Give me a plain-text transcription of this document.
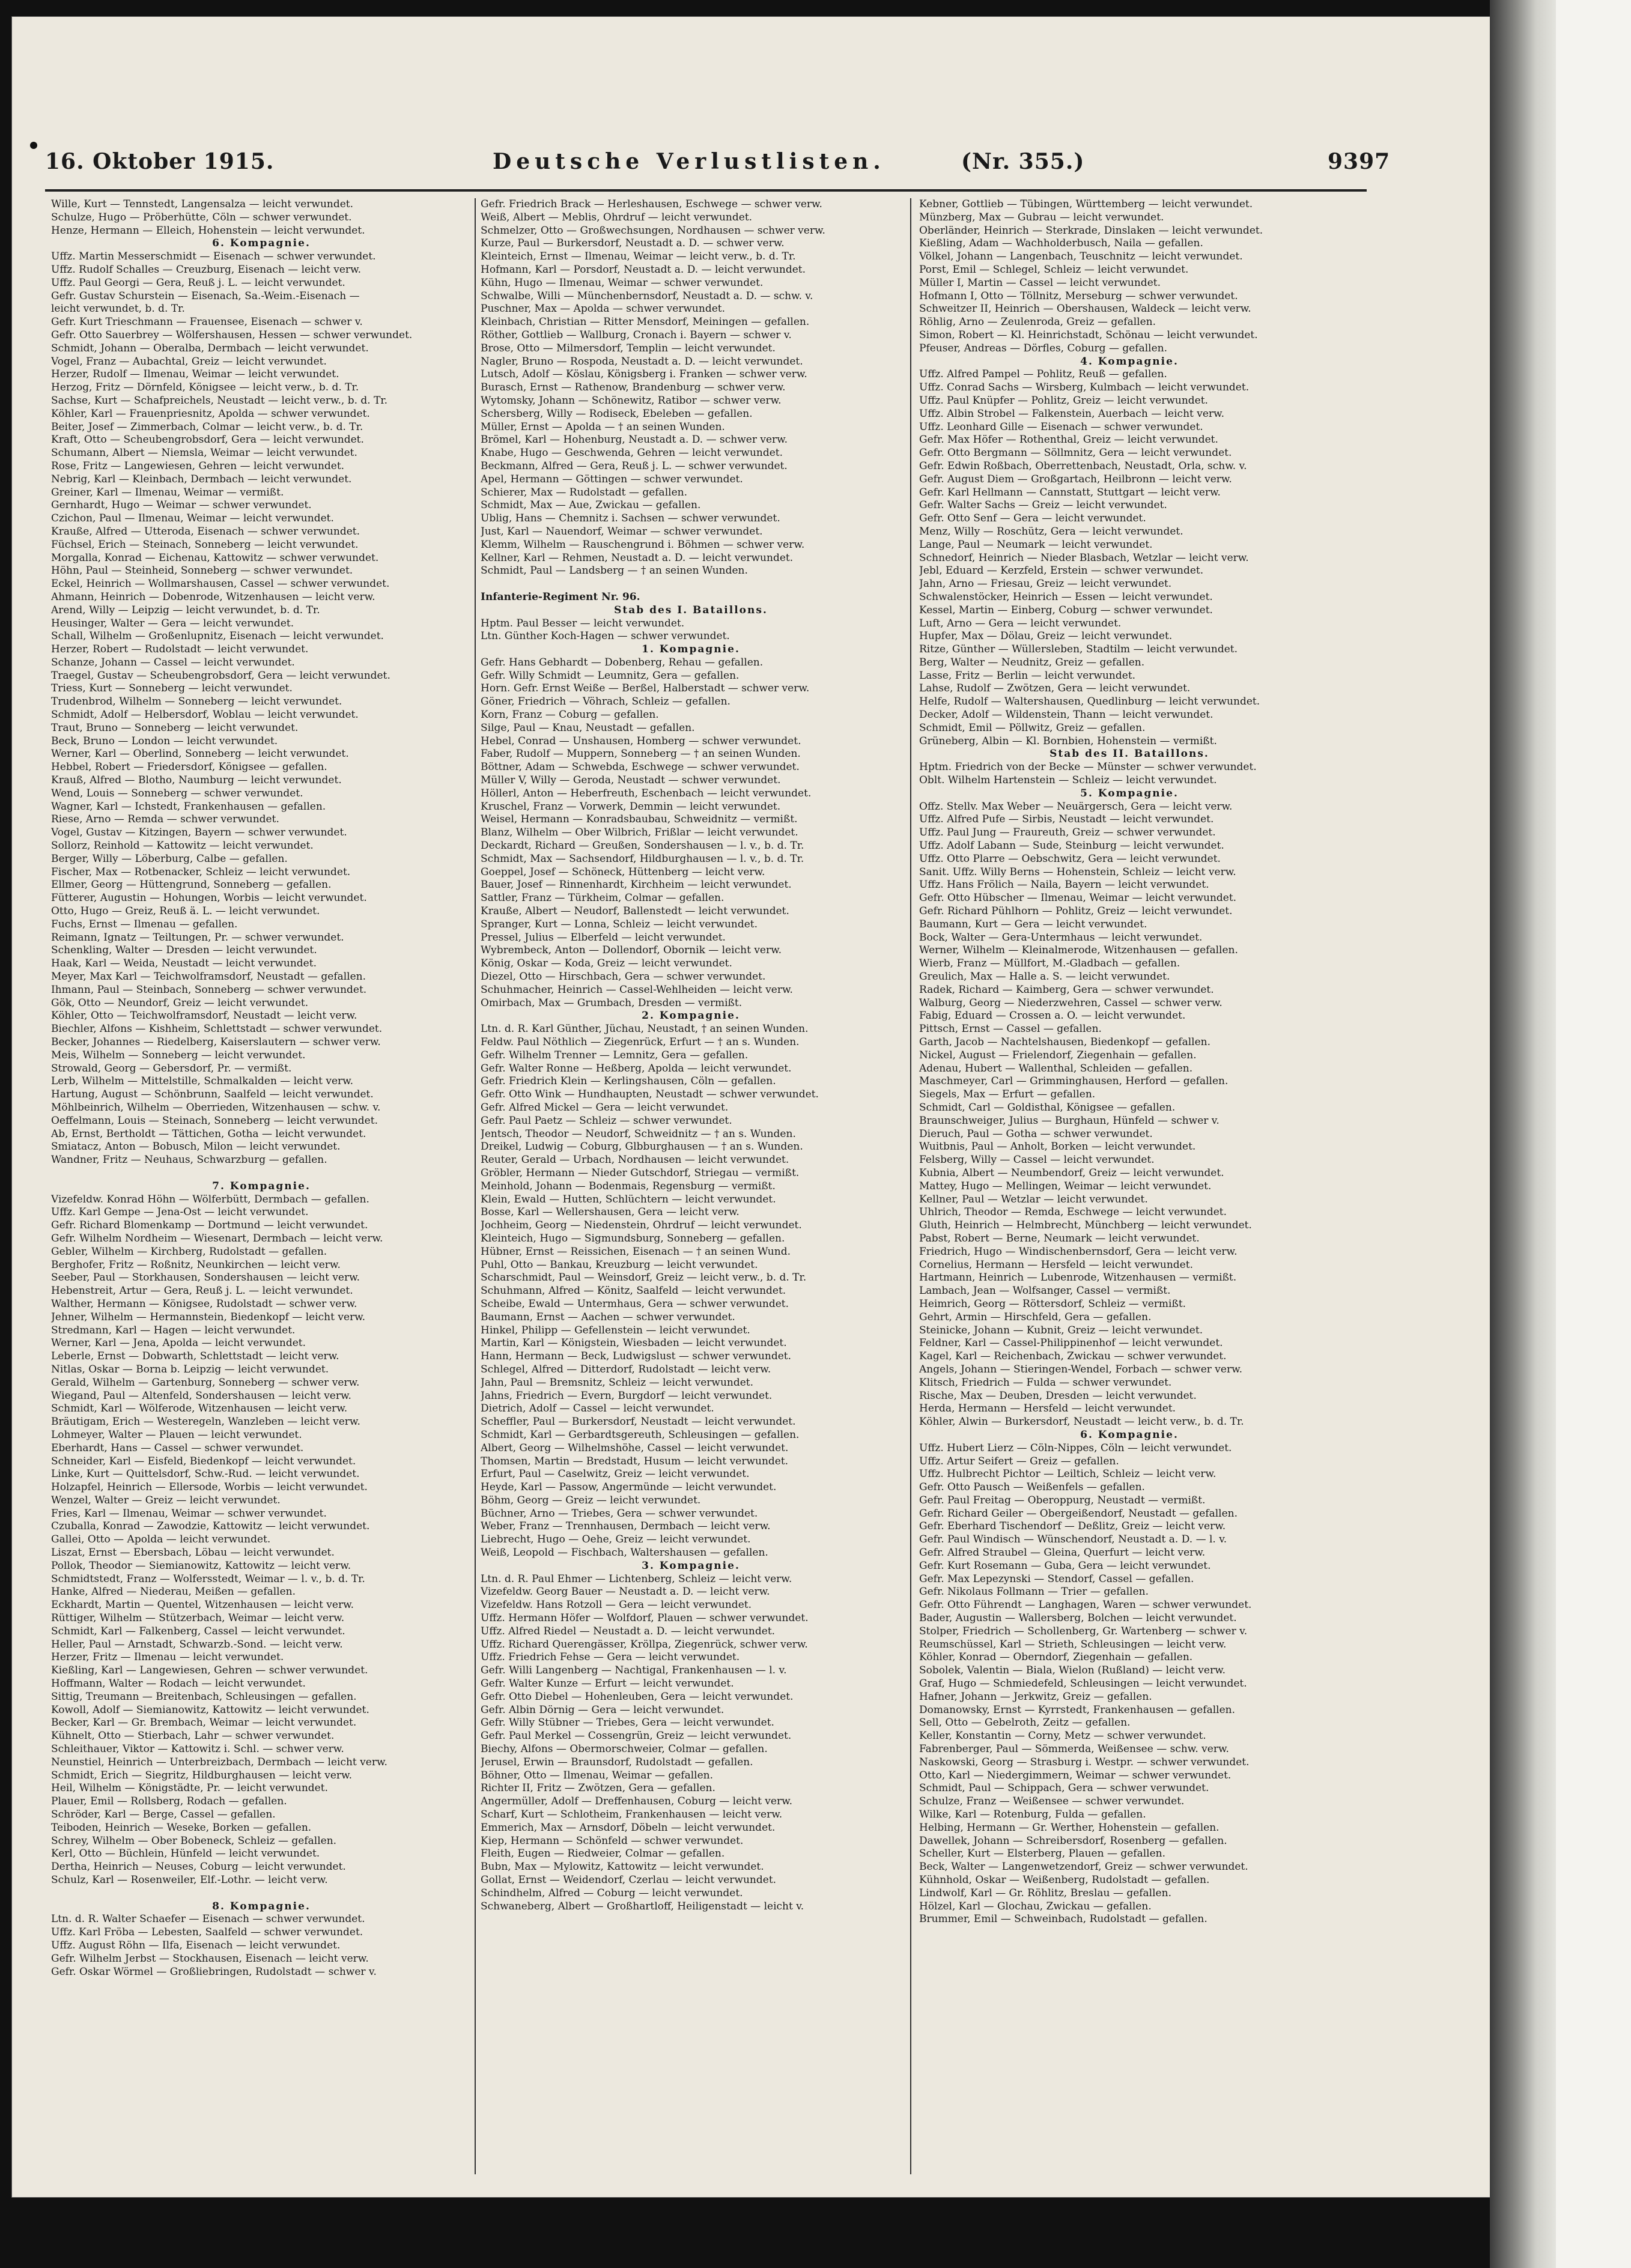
16. Oktober 1915.	Deutsche Verlustlisten.	(Nr. 355.)	9397
Wille, Kurt — Tennstedt, Langensalza — leicht verwundet.
Schulze, Hugo — Pröberhütte, Cöln — schwer verwundet.
Henze, Hermann — Elleich, Hohenstein — leicht verwundet.
6. Kompagnie.
Uffz. Martin Messerschmidt — Eisenach — schwer verwundet.
Uffz. Rudolf Schalles — Creuzburg, Eisenach — leicht verw.
Uffz. Paul Georgi — Gera, Reuß j. L. — leicht verwundet.
Gefr. Gustav Schurstein — Eisenach, Sa.-Weim.-Eisenach —
leicht verwundet, b. d. Tr.
Gefr. Kurt Trieschmann — Frauensee, Eisenach — schwer v.
Gefr. Otto Sauerbrey — Wölfershausen, Hessen — schwer verwundet.
Schmidt, Johann — Oberalba, Dermbach — leicht verwundet.
Vogel, Franz — Aubachtal, Greiz — leicht verwundet.
Herzer, Rudolf — Ilmenau, Weimar — leicht verwundet.
Herzog, Fritz — Dörnfeld, Königsee — leicht verw., b. d. Tr.
Sachse, Kurt — Schafpreichels, Neustadt — leicht verw., b. d. Tr.
Köhler, Karl — Frauenpriesnitz, Apolda — schwer verwundet.
Beiter, Josef — Zimmerbach, Colmar — leicht verw., b. d. Tr.
Kraft, Otto — Scheubengrobsdorf, Gera — leicht verwundet.
Schumann, Albert — Niemsla, Weimar — leicht verwundet.
Rose, Fritz — Langewiesen, Gehren — leicht verwundet.
Nebrig, Karl — Kleinbach, Dermbach — leicht verwundet.
Greiner, Karl — Ilmenau, Weimar — vermißt.
Gernhardt, Hugo — Weimar — schwer verwundet.
Czichon, Paul — Ilmenau, Weimar — leicht verwundet.
Krauße, Alfred — Utteroda, Eisenach — schwer verwundet.
Füchsel, Erich — Steinach, Sonneberg — leicht verwundet.
Morgalla, Konrad — Eichenau, Kattowitz — schwer verwundet.
Höhn, Paul — Steinheid, Sonneberg — schwer verwundet.
Eckel, Heinrich — Wollmarshausen, Cassel — schwer verwundet.
Ahmann, Heinrich — Dobenrode, Witzenhausen — leicht verw.
Arend, Willy — Leipzig — leicht verwundet, b. d. Tr.
Heusinger, Walter — Gera — leicht verwundet.
Schall, Wilhelm — Großenlupnitz, Eisenach — leicht verwundet.
Herzer, Robert — Rudolstadt — leicht verwundet.
Schanze, Johann — Cassel — leicht verwundet.
Traegel, Gustav — Scheubengrobsdorf, Gera — leicht verwundet.
Triess, Kurt — Sonneberg — leicht verwundet.
Trudenbrod, Wilhelm — Sonneberg — leicht verwundet.
Schmidt, Adolf — Helbersdorf, Woblau — leicht verwundet.
Traut, Bruno — Sonneberg — leicht verwundet.
Beck, Bruno — London — leicht verwundet.
Werner, Karl — Oberlind, Sonneberg — leicht verwundet.
Hebbel, Robert — Friedersdorf, Königsee — gefallen.
Krauß, Alfred — Blotho, Naumburg — leicht verwundet.
Wend, Louis — Sonneberg — schwer verwundet.
Wagner, Karl — Ichstedt, Frankenhausen — gefallen.
Riese, Arno — Remda — schwer verwundet.
Vogel, Gustav — Kitzingen, Bayern — schwer verwundet.
Sollorz, Reinhold — Kattowitz — leicht verwundet.
Berger, Willy — Löberburg, Calbe — gefallen.
Fischer, Max — Rotbenacker, Schleiz — leicht verwundet.
Ellmer, Georg — Hüttengrund, Sonneberg — gefallen.
Fütterer, Augustin — Hohungen, Worbis — leicht verwundet.
Otto, Hugo — Greiz, Reuß ä. L. — leicht verwundet.
Fuchs, Ernst — Ilmenau — gefallen.
Reimann, Ignatz — Teiltungen, Pr. — schwer verwundet.
Schenkling, Walter — Dresden — leicht verwundet.
Haak, Karl — Weida, Neustadt — leicht verwundet.
Meyer, Max Karl — Teichwolframsdorf, Neustadt — gefallen.
Ihmann, Paul — Steinbach, Sonneberg — schwer verwundet.
Gök, Otto — Neundorf, Greiz — leicht verwundet.
Köhler, Otto — Teichwolframsdorf, Neustadt — leicht verw.
Biechler, Alfons — Kishheim, Schlettstadt — schwer verwundet.
Becker, Johannes — Riedelberg, Kaiserslautern — schwer verw.
Meis, Wilhelm — Sonneberg — leicht verwundet.
Strowald, Georg — Gebersdorf, Pr. — vermißt.
Lerb, Wilhelm — Mittelstille, Schmalkalden — leicht verw.
Hartung, August — Schönbrunn, Saalfeld — leicht verwundet.
Möhlbeinrich, Wilhelm — Oberrieden, Witzenhausen — schw. v.
Oeffelmann, Louis — Steinach, Sonneberg — leicht verwundet.
Ab, Ernst, Bertholdt — Tättichen, Gotha — leicht verwundet.
Smiatacz, Anton — Bobusch, Milon — leicht verwundet.
Wandner, Fritz — Neuhaus, Schwarzburg — gefallen.
7. Kompagnie.
Vizefeldw. Konrad Höhn — Wölferbütt, Dermbach — gefallen.
Uffz. Karl Gempe — Jena-Ost — leicht verwundet.
Gefr. Richard Blomenkamp — Dortmund — leicht verwundet.
Gefr. Wilhelm Nordheim — Wiesenart, Dermbach — leicht verw.
Gebler, Wilhelm — Kirchberg, Rudolstadt — gefallen.
Berghofer, Fritz — Roßnitz, Neunkirchen — leicht verw.
Seeber, Paul — Storkhausen, Sondershausen — leicht verw.
Hebenstreit, Artur — Gera, Reuß j. L. — leicht verwundet.
Walther, Hermann — Königsee, Rudolstadt — schwer verw.
Jehner, Wilhelm — Hermannstein, Biedenkopf — leicht verw.
Stredmann, Karl — Hagen — leicht verwundet.
Werner, Karl — Jena, Apolda — leicht verwundet.
Leberle, Ernst — Dobwarth, Schlettstadt — leicht verw.
Nitlas, Oskar — Borna b. Leipzig — leicht verwundet.
Gerald, Wilhelm — Gartenburg, Sonneberg — schwer verw.
Wiegand, Paul — Altenfeld, Sondershausen — leicht verw.
Schmidt, Karl — Wölferode, Witzenhausen — leicht verw.
Bräutigam, Erich — Westeregeln, Wanzleben — leicht verw.
Lohmeyer, Walter — Plauen — leicht verwundet.
Eberhardt, Hans — Cassel — schwer verwundet.
Schneider, Karl — Eisfeld, Biedenkopf — leicht verwundet.
Linke, Kurt — Quittelsdorf, Schw.-Rud. — leicht verwundet.
Holzapfel, Heinrich — Ellersode, Worbis — leicht verwundet.
Wenzel, Walter — Greiz — leicht verwundet.
Fries, Karl — Ilmenau, Weimar — schwer verwundet.
Czuballa, Konrad — Zawodzie, Kattowitz — leicht verwundet.
Gallei, Otto — Apolda — leicht verwundet.
Liszat, Ernst — Ebersbach, Löbau — leicht verwundet.
Pollok, Theodor — Siemianowitz, Kattowitz — leicht verw.
Schmidtstedt, Franz — Wolfersstedt, Weimar — l. v., b. d. Tr.
Hanke, Alfred — Niederau, Meißen — gefallen.
Eckhardt, Martin — Quentel, Witzenhausen — leicht verw.
Rüttiger, Wilhelm — Stützerbach, Weimar — leicht verw.
Schmidt, Karl — Falkenberg, Cassel — leicht verwundet.
Heller, Paul — Arnstadt, Schwarzb.-Sond. — leicht verw.
Herzer, Fritz — Ilmenau — leicht verwundet.
Kießling, Karl — Langewiesen, Gehren — schwer verwundet.
Hoffmann, Walter — Rodach — leicht verwundet.
Sittig, Treumann — Breitenbach, Schleusingen — gefallen.
Kowoll, Adolf — Siemianowitz, Kattowitz — leicht verwundet.
Becker, Karl — Gr. Brembach, Weimar — leicht verwundet.
Kühnelt, Otto — Stierbach, Lahr — schwer verwundet.
Schleithauer, Viktor — Kattowitz i. Schl. — schwer verw.
Neunstiel, Heinrich — Unterbreizbach, Dermbach — leicht verw.
Schmidt, Erich — Siegritz, Hildburghausen — leicht verw.
Heil, Wilhelm — Königstädte, Pr. — leicht verwundet.
Plauer, Emil — Rollsberg, Rodach — gefallen.
Schröder, Karl — Berge, Cassel — gefallen.
Teiboden, Heinrich — Weseke, Borken — gefallen.
Schrey, Wilhelm — Ober Bobeneck, Schleiz — gefallen.
Kerl, Otto — Büchlein, Hünfeld — leicht verwundet.
Dertha, Heinrich — Neuses, Coburg — leicht verwundet.
Schulz, Karl — Rosenweiler, Elf.-Lothr. — leicht verw.
8. Kompagnie.
Ltn. d. R. Walter Schaefer — Eisenach — schwer verwundet.
Uffz. Karl Fröba — Lebesten, Saalfeld — schwer verwundet.
Uffz. August Röhn — Ilfa, Eisenach — leicht verwundet.
Gefr. Wilhelm Jerbst — Stockhausen, Eisenach — leicht verw.
Gefr. Oskar Wörmel — Großliebringen, Rudolstadt — schwer v.
Gefr. Friedrich Brack — Herleshausen, Eschwege — schwer verw.
Weiß, Albert — Meblis, Ohrdruf — leicht verwundet.
Schmelzer, Otto — Großwechsungen, Nordhausen — schwer verw.
Kurze, Paul — Burkersdorf, Neustadt a. D. — schwer verw.
Kleinteich, Ernst — Ilmenau, Weimar — leicht verw., b. d. Tr.
Hofmann, Karl — Porsdorf, Neustadt a. D. — leicht verwundet.
Kühn, Hugo — Ilmenau, Weimar — schwer verwundet.
Schwalbe, Willi — Münchenbernsdorf, Neustadt a. D. — schw. v.
Puschner, Max — Apolda — schwer verwundet.
Kleinbach, Christian — Ritter Mensdorf, Meiningen — gefallen.
Röther, Gottlieb — Wallburg, Cronach i. Bayern — schwer v.
Brose, Otto — Milmersdorf, Templin — leicht verwundet.
Nagler, Bruno — Rospoda, Neustadt a. D. — leicht verwundet.
Lutsch, Adolf — Köslau, Königsberg i. Franken — schwer verw.
Burasch, Ernst — Rathenow, Brandenburg — schwer verw.
Wytomsky, Johann — Schönewitz, Ratibor — schwer verw.
Schersberg, Willy — Rodiseck, Ebeleben — gefallen.
Müller, Ernst — Apolda — † an seinen Wunden.
Brömel, Karl — Hohenburg, Neustadt a. D. — schwer verw.
Knabe, Hugo — Geschwenda, Gehren — leicht verwundet.
Beckmann, Alfred — Gera, Reuß j. L. — schwer verwundet.
Apel, Hermann — Göttingen — schwer verwundet.
Schierer, Max — Rudolstadt — gefallen.
Schmidt, Max — Aue, Zwickau — gefallen.
Ublig, Hans — Chemnitz i. Sachsen — schwer verwundet.
Just, Karl — Nauendorf, Weimar — schwer verwundet.
Klemm, Wilhelm — Rauschengrund i. Böhmen — schwer verw.
Kellner, Karl — Rehmen, Neustadt a. D. — leicht verwundet.
Schmidt, Paul — Landsberg — † an seinen Wunden.
Infanterie-Regiment Nr. 96.
Stab des I. Bataillons.
Hptm. Paul Besser — leicht verwundet.
Ltn. Günther Koch-Hagen — schwer verwundet.
1. Kompagnie.
Gefr. Hans Gebhardt — Dobenberg, Rehau — gefallen.
Gefr. Willy Schmidt — Leumnitz, Gera — gefallen.
Horn. Gefr. Ernst Weiße — Berßel, Halberstadt — schwer verw.
Göner, Friedrich — Vöhrach, Schleiz — gefallen.
Korn, Franz — Coburg — gefallen.
Silge, Paul — Knau, Neustadt — gefallen.
Hebel, Conrad — Unshausen, Homberg — schwer verwundet.
Faber, Rudolf — Muppern, Sonneberg — † an seinen Wunden.
Böttner, Adam — Schwebda, Eschwege — schwer verwundet.
Müller V, Willy — Geroda, Neustadt — schwer verwundet.
Höllerl, Anton — Heberfreuth, Eschenbach — leicht verwundet.
Kruschel, Franz — Vorwerk, Demmin — leicht verwundet.
Weisel, Hermann — Konradsbaubau, Schweidnitz — vermißt.
Blanz, Wilhelm — Ober Wilbrich, Frißlar — leicht verwundet.
Deckardt, Richard — Greußen, Sondershausen — l. v., b. d. Tr.
Schmidt, Max — Sachsendorf, Hildburghausen — l. v., b. d. Tr.
Goeppel, Josef — Schöneck, Hüttenberg — leicht verw.
Bauer, Josef — Rinnenhardt, Kirchheim — leicht verwundet.
Sattler, Franz — Türkheim, Colmar — gefallen.
Krauße, Albert — Neudorf, Ballenstedt — leicht verwundet.
Spranger, Kurt — Lonna, Schleiz — leicht verwundet.
Pressel, Julius — Elberfeld — leicht verwundet.
Wybrembeck, Anton — Dollendorf, Obornik — leicht verw.
König, Oskar — Koda, Greiz — leicht verwundet.
Diezel, Otto — Hirschbach, Gera — schwer verwundet.
Schuhmacher, Heinrich — Cassel-Wehlheiden — leicht verw.
Omirbach, Max — Grumbach, Dresden — vermißt.
2. Kompagnie.
Ltn. d. R. Karl Günther, Jüchau, Neustadt, † an seinen Wunden.
Feldw. Paul Nöthlich — Ziegenrück, Erfurt — † an s. Wunden.
Gefr. Wilhelm Trenner — Lemnitz, Gera — gefallen.
Gefr. Walter Ronne — Heßberg, Apolda — leicht verwundet.
Gefr. Friedrich Klein — Kerlingshausen, Cöln — gefallen.
Gefr. Otto Wink — Hundhaupten, Neustadt — schwer verwundet.
Gefr. Alfred Mickel — Gera — leicht verwundet.
Gefr. Paul Paetz — Schleiz — schwer verwundet.
Jentsch, Theodor — Neudorf, Schweidnitz — † an s. Wunden.
Dreikel, Ludwig — Coburg, Glbburghausen — † an s. Wunden.
Reuter, Gerald — Urbach, Nordhausen — leicht verwundet.
Gröbler, Hermann — Nieder Gutschdorf, Striegau — vermißt.
Meinhold, Johann — Bodenmais, Regensburg — vermißt.
Klein, Ewald — Hutten, Schlüchtern — leicht verwundet.
Bosse, Karl — Wellershausen, Gera — leicht verw.
Jochheim, Georg — Niedenstein, Ohrdruf — leicht verwundet.
Kleinteich, Hugo — Sigmundsburg, Sonneberg — gefallen.
Hübner, Ernst — Reissichen, Eisenach — † an seinen Wund.
Puhl, Otto — Bankau, Kreuzburg — leicht verwundet.
Scharschmidt, Paul — Weinsdorf, Greiz — leicht verw., b. d. Tr.
Schuhmann, Alfred — Könitz, Saalfeld — leicht verwundet.
Scheibe, Ewald — Untermhaus, Gera — schwer verwundet.
Baumann, Ernst — Aachen — schwer verwundet.
Hinkel, Philipp — Gefellenstein — leicht verwundet.
Martin, Karl — Königstein, Wiesbaden — leicht verwundet.
Hann, Hermann — Beck, Ludwigslust — schwer verwundet.
Schlegel, Alfred — Ditterdorf, Rudolstadt — leicht verw.
Jahn, Paul — Bremsnitz, Schleiz — leicht verwundet.
Jahns, Friedrich — Evern, Burgdorf — leicht verwundet.
Dietrich, Adolf — Cassel — leicht verwundet.
Scheffler, Paul — Burkersdorf, Neustadt — leicht verwundet.
Schmidt, Karl — Gerbardtsgereuth, Schleusingen — gefallen.
Albert, Georg — Wilhelmshöhe, Cassel — leicht verwundet.
Thomsen, Martin — Bredstadt, Husum — leicht verwundet.
Erfurt, Paul — Caselwitz, Greiz — leicht verwundet.
Heyde, Karl — Passow, Angermünde — leicht verwundet.
Böhm, Georg — Greiz — leicht verwundet.
Büchner, Arno — Triebes, Gera — schwer verwundet.
Weber, Franz — Trennhausen, Dermbach — leicht verw.
Liebrecht, Hugo — Oehe, Greiz — leicht verwundet.
Weiß, Leopold — Fischbach, Waltershausen — gefallen.
3. Kompagnie.
Ltn. d. R. Paul Ehmer — Lichtenberg, Schleiz — leicht verw.
Vizefeldw. Georg Bauer — Neustadt a. D. — leicht verw.
Vizefeldw. Hans Rotzoll — Gera — leicht verwundet.
Uffz. Hermann Höfer — Wolfdorf, Plauen — schwer verwundet.
Uffz. Alfred Riedel — Neustadt a. D. — leicht verwundet.
Uffz. Richard Querengässer, Kröllpa, Ziegenrück, schwer verw.
Uffz. Friedrich Fehse — Gera — leicht verwundet.
Gefr. Willi Langenberg — Nachtigal, Frankenhausen — l. v.
Gefr. Walter Kunze — Erfurt — leicht verwundet.
Gefr. Otto Diebel — Hohenleuben, Gera — leicht verwundet.
Gefr. Albin Dörnig — Gera — leicht verwundet.
Gefr. Willy Stübner — Triebes, Gera — leicht verwundet.
Gefr. Paul Merkel — Cossengrün, Greiz — leicht verwundet.
Biechy, Alfons — Obermorschweier, Colmar — gefallen.
Jerusel, Erwin — Braunsdorf, Rudolstadt — gefallen.
Böhner, Otto — Ilmenau, Weimar — gefallen.
Richter II, Fritz — Zwötzen, Gera — gefallen.
Angermüller, Adolf — Dreffenhausen, Coburg — leicht verw.
Scharf, Kurt — Schlotheim, Frankenhausen — leicht verw.
Emmerich, Max — Arnsdorf, Döbeln — leicht verwundet.
Kiep, Hermann — Schönfeld — schwer verwundet.
Fleith, Eugen — Riedweier, Colmar — gefallen.
Bubn, Max — Mylowitz, Kattowitz — leicht verwundet.
Gollat, Ernst — Weidendorf, Czerlau — leicht verwundet.
Schindhelm, Alfred — Coburg — leicht verwundet.
Schwaneberg, Albert — Großhartloff, Heiligenstadt — leicht v.
Kebner, Gottlieb — Tübingen, Württemberg — leicht verwundet.
Münzberg, Max — Gubrau — leicht verwundet.
Oberländer, Heinrich — Sterkrade, Dinslaken — leicht verwundet.
Kießling, Adam — Wachholderbusch, Naila — gefallen.
Völkel, Johann — Langenbach, Teuschnitz — leicht verwundet.
Porst, Emil — Schlegel, Schleiz — leicht verwundet.
Müller I, Martin — Cassel — leicht verwundet.
Hofmann I, Otto — Töllnitz, Merseburg — schwer verwundet.
Schweitzer II, Heinrich — Obershausen, Waldeck — leicht verw.
Röhlig, Arno — Zeulenroda, Greiz — gefallen.
Simon, Robert — Kl. Heinrichstadt, Schönau — leicht verwundet.
Pfeuser, Andreas — Dörfles, Coburg — gefallen.
4. Kompagnie.
Uffz. Alfred Pampel — Pohlitz, Reuß — gefallen.
Uffz. Conrad Sachs — Wirsberg, Kulmbach — leicht verwundet.
Uffz. Paul Knüpfer — Pohlitz, Greiz — leicht verwundet.
Uffz. Albin Strobel — Falkenstein, Auerbach — leicht verw.
Uffz. Leonhard Gille — Eisenach — schwer verwundet.
Gefr. Max Höfer — Rothenthal, Greiz — leicht verwundet.
Gefr. Otto Bergmann — Söllmnitz, Gera — leicht verwundet.
Gefr. Edwin Roßbach, Oberrettenbach, Neustadt, Orla, schw. v.
Gefr. August Diem — Großgartach, Heilbronn — leicht verw.
Gefr. Karl Hellmann — Cannstatt, Stuttgart — leicht verw.
Gefr. Walter Sachs — Greiz — leicht verwundet.
Gefr. Otto Senf — Gera — leicht verwundet.
Menz, Willy — Roschütz, Gera — leicht verwundet.
Lange, Paul — Neumark — leicht verwundet.
Schnedorf, Heinrich — Nieder Blasbach, Wetzlar — leicht verw.
Jebl, Eduard — Kerzfeld, Erstein — schwer verwundet.
Jahn, Arno — Friesau, Greiz — leicht verwundet.
Schwalenstöcker, Heinrich — Essen — leicht verwundet.
Kessel, Martin — Einberg, Coburg — schwer verwundet.
Luft, Arno — Gera — leicht verwundet.
Hupfer, Max — Dölau, Greiz — leicht verwundet.
Ritze, Günther — Wüllersleben, Stadtilm — leicht verwundet.
Berg, Walter — Neudnitz, Greiz — gefallen.
Lasse, Fritz — Berlin — leicht verwundet.
Lahse, Rudolf — Zwötzen, Gera — leicht verwundet.
Helfe, Rudolf — Waltershausen, Quedlinburg — leicht verwundet.
Decker, Adolf — Wildenstein, Thann — leicht verwundet.
Schmidt, Emil — Pöllwitz, Greiz — gefallen.
Grüneberg, Albin — Kl. Bornbien, Hohenstein — vermißt.
Stab des II. Bataillons.
Hptm. Friedrich von der Becke — Münster — schwer verwundet.
Oblt. Wilhelm Hartenstein — Schleiz — leicht verwundet.
5. Kompagnie.
Offz. Stellv. Max Weber — Neuärgersch, Gera — leicht verw.
Uffz. Alfred Pufe — Sirbis, Neustadt — leicht verwundet.
Uffz. Paul Jung — Fraureuth, Greiz — schwer verwundet.
Uffz. Adolf Labann — Sude, Steinburg — leicht verwundet.
Uffz. Otto Plarre — Oebschwitz, Gera — leicht verwundet.
Sanit. Uffz. Willy Berns — Hohenstein, Schleiz — leicht verw.
Uffz. Hans Frölich — Naila, Bayern — leicht verwundet.
Gefr. Otto Hübscher — Ilmenau, Weimar — leicht verwundet.
Gefr. Richard Pühlhorn — Pohlitz, Greiz — leicht verwundet.
Baumann, Kurt — Gera — leicht verwundet.
Bock, Walter — Gera-Untermhaus — leicht verwundet.
Werner, Wilhelm — Kleinalmerode, Witzenhausen — gefallen.
Wierb, Franz — Müllfort, M.-Gladbach — gefallen.
Greulich, Max — Halle a. S. — leicht verwundet.
Radek, Richard — Kaimberg, Gera — schwer verwundet.
Walburg, Georg — Niederzwehren, Cassel — schwer verw.
Fabig, Eduard — Crossen a. O. — leicht verwundet.
Pittsch, Ernst — Cassel — gefallen.
Garth, Jacob — Nachtelshausen, Biedenkopf — gefallen.
Nickel, August — Frielendorf, Ziegenhain — gefallen.
Adenau, Hubert — Wallenthal, Schleiden — gefallen.
Maschmeyer, Carl — Grimminghausen, Herford — gefallen.
Siegels, Max — Erfurt — gefallen.
Schmidt, Carl — Goldisthal, Königsee — gefallen.
Braunschweiger, Julius — Burghaun, Hünfeld — schwer v.
Dieruch, Paul — Gotha — schwer verwundet.
Wuitbnis, Paul — Anholt, Borken — leicht verwundet.
Felsberg, Willy — Cassel — leicht verwundet.
Kubnia, Albert — Neumbendorf, Greiz — leicht verwundet.
Mattey, Hugo — Mellingen, Weimar — leicht verwundet.
Kellner, Paul — Wetzlar — leicht verwundet.
Uhlrich, Theodor — Remda, Eschwege — leicht verwundet.
Gluth, Heinrich — Helmbrecht, Münchberg — leicht verwundet.
Pabst, Robert — Berne, Neumark — leicht verwundet.
Friedrich, Hugo — Windischenbernsdorf, Gera — leicht verw.
Cornelius, Hermann — Hersfeld — leicht verwundet.
Hartmann, Heinrich — Lubenrode, Witzenhausen — vermißt.
Lambach, Jean — Wolfsanger, Cassel — vermißt.
Heimrich, Georg — Röttersdorf, Schleiz — vermißt.
Gehrt, Armin — Hirschfeld, Gera — gefallen.
Steinicke, Johann — Kubnit, Greiz — leicht verwundet.
Feldner, Karl — Cassel-Philippinenhof — leicht verwundet.
Kagel, Karl — Reichenbach, Zwickau — schwer verwundet.
Angels, Johann — Stieringen-Wendel, Forbach — schwer verw.
Klitsch, Friedrich — Fulda — schwer verwundet.
Rische, Max — Deuben, Dresden — leicht verwundet.
Herda, Hermann — Hersfeld — leicht verwundet.
Köhler, Alwin — Burkersdorf, Neustadt — leicht verw., b. d. Tr.
6. Kompagnie.
Uffz. Hubert Lierz — Cöln-Nippes, Cöln — leicht verwundet.
Uffz. Artur Seifert — Greiz — gefallen.
Uffz. Hulbrecht Pichtor — Leiltich, Schleiz — leicht verw.
Gefr. Otto Pausch — Weißenfels — gefallen.
Gefr. Paul Freitag — Oberoppurg, Neustadt — vermißt.
Gefr. Richard Geiler — Obergeißendorf, Neustadt — gefallen.
Gefr. Eberhard Tischendorf — Deßlitz, Greiz — leicht verw.
Gefr. Paul Windisch — Wünschendorf, Neustadt a. D. — l. v.
Gefr. Alfred Straubel — Gleina, Querfurt — leicht verw.
Gefr. Kurt Rosemann — Guba, Gera — leicht verwundet.
Gefr. Max Lepezynski — Stendorf, Cassel — gefallen.
Gefr. Nikolaus Follmann — Trier — gefallen.
Gefr. Otto Führendt — Langhagen, Waren — schwer verwundet.
Bader, Augustin — Wallersberg, Bolchen — leicht verwundet.
Stolper, Friedrich — Schollenberg, Gr. Wartenberg — schwer v.
Reumschüssel, Karl — Strieth, Schleusingen — leicht verw.
Köhler, Konrad — Oberndorf, Ziegenhain — gefallen.
Sobolek, Valentin — Biala, Wielon (Rußland) — leicht verw.
Graf, Hugo — Schmiedefeld, Schleusingen — leicht verwundet.
Hafner, Johann — Jerkwitz, Greiz — gefallen.
Domanowsky, Ernst — Kyrrstedt, Frankenhausen — gefallen.
Sell, Otto — Gebelroth, Zeitz — gefallen.
Keller, Konstantin — Corny, Metz — schwer verwundet.
Fabrenberger, Paul — Sömmerda, Weißensee — schw. verw.
Naskowski, Georg — Strasburg i. Westpr. — schwer verwundet.
Otto, Karl — Niedergimmern, Weimar — schwer verwundet.
Schmidt, Paul — Schippach, Gera — schwer verwundet.
Schulze, Franz — Weißensee — schwer verwundet.
Wilke, Karl — Rotenburg, Fulda — gefallen.
Helbing, Hermann — Gr. Werther, Hohenstein — gefallen.
Dawellek, Johann — Schreibersdorf, Rosenberg — gefallen.
Scheller, Kurt — Elsterberg, Plauen — gefallen.
Beck, Walter — Langenwetzendorf, Greiz — schwer verwundet.
Kühnhold, Oskar — Weißenberg, Rudolstadt — gefallen.
Lindwolf, Karl — Gr. Röhlitz, Breslau — gefallen.
Hölzel, Karl — Glochau, Zwickau — gefallen.
Brummer, Emil — Schweinbach, Rudolstadt — gefallen.
